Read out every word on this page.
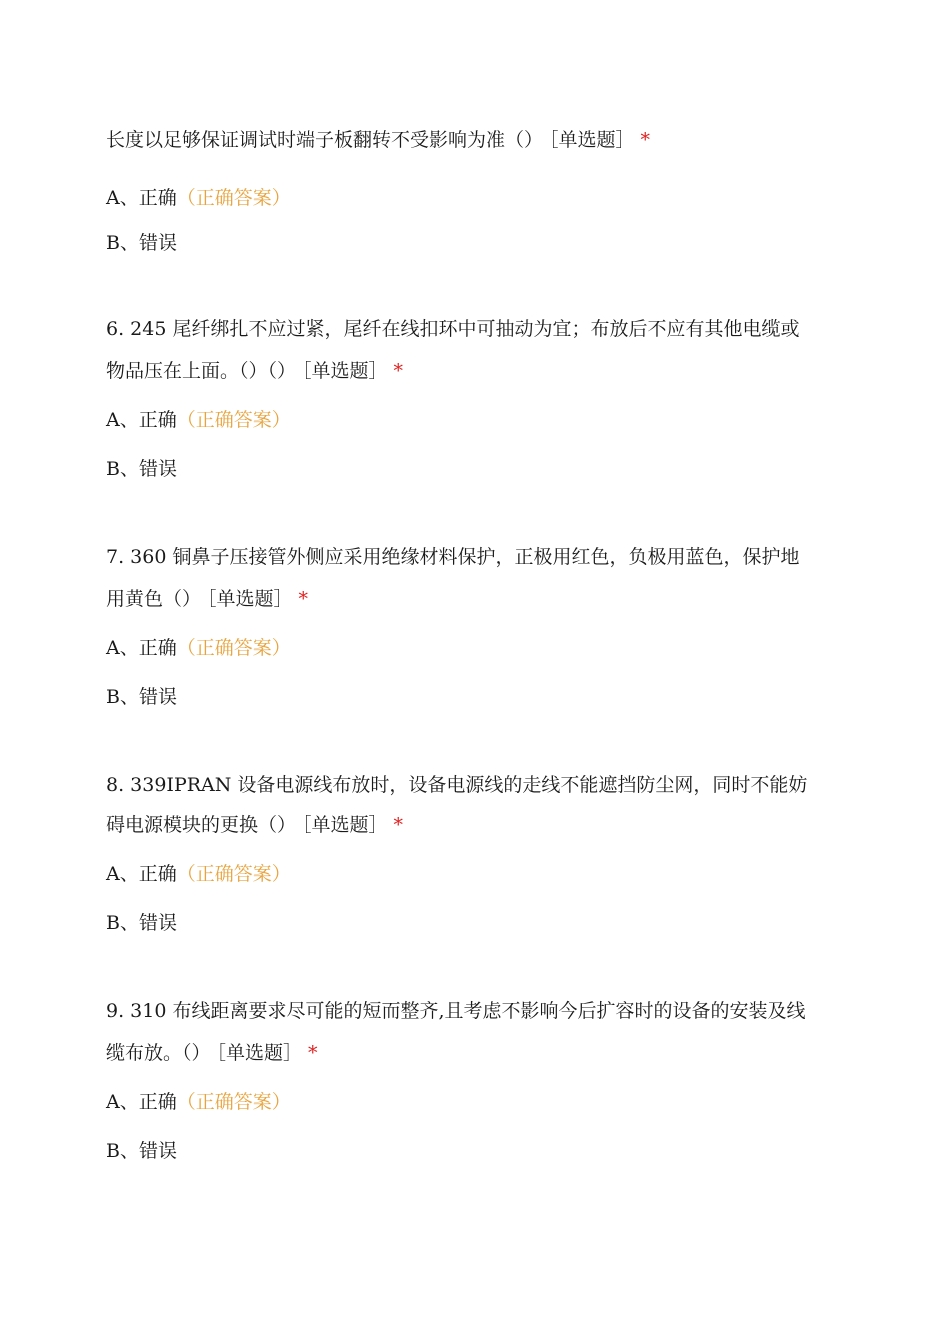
长度以足够保证调试时端子板翻转不受影响为准（） ［单选题］ *
A、正确（正确答案）
B、错误
6. 245 尾纤绑扎不应过紧，尾纤在线扣环中可抽动为宜；布放后不应有其他电缆或
物品压在上面。（）（） ［单选题］ *
A、正确（正确答案）
B、错误
7. 360 铜鼻子压接管外侧应采用绝缘材料保护，正极用红色，负极用蓝色，保护地
用黄色（） ［单选题］ *
A、正确（正确答案）
B、错误
8. 339IPRAN 设备电源线布放时，设备电源线的走线不能遮挡防尘网，同时不能妨
碍电源模块的更换（） ［单选题］ *
A、正确（正确答案）
B、错误
9. 310 布线距离要求尽可能的短而整齐,且考虑不影响今后扩容时的设备的安装及线
缆布放。（） ［单选题］ *
A、正确（正确答案）
B、错误
